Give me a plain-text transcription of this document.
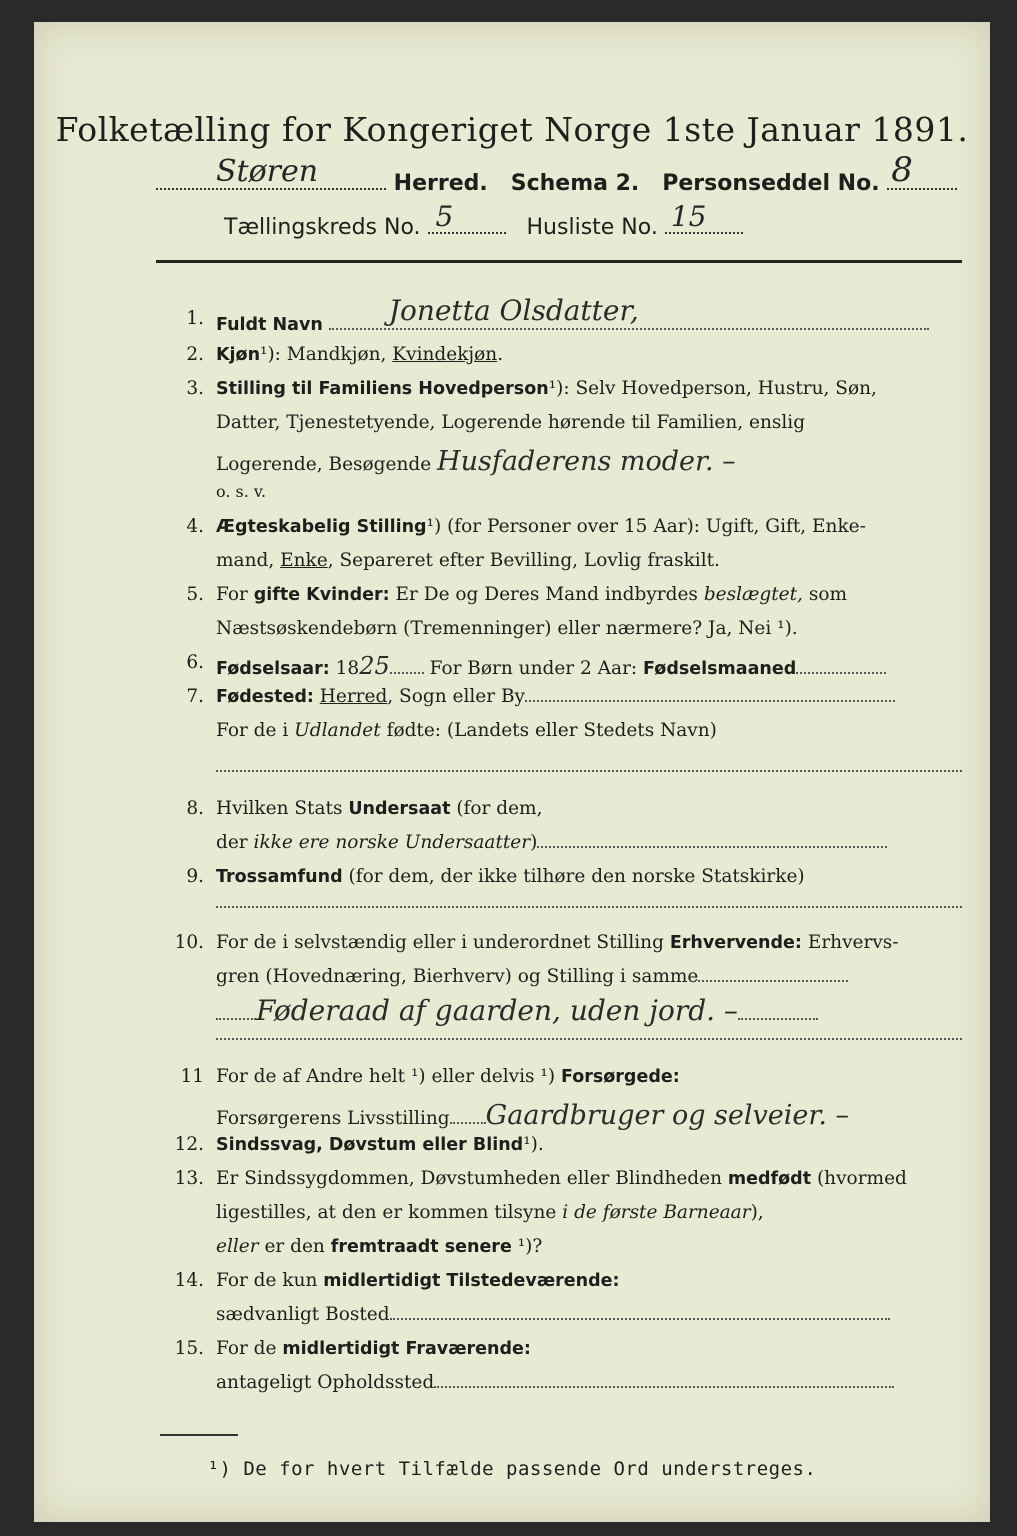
Folketælling for Kongeriget Norge 1ste Januar 1891.
Støren	Herred. Schema 2. Personseddel No. 8
Tællingskreds No. 5	Husliste No. 15
1. Fuldt Navn Jonetta Olsdatter,
2. Kjøn¹): Mandkjøn, Kvindekjøn.
3. Stilling til Familiens Hovedperson¹): Selv Hovedperson, Hustru, Søn,
Datter, Tjenestetyende, Logerende hørende til Familien, enslig
Logerende, Besøgende Husfaderens moder. –
o. s. v.
4. Ægteskabelig Stilling¹) (for Personer over 15 Aar): Ugift, Gift, Enke-
mand, Enke, Separeret efter Bevilling, Lovlig fraskilt.
5. For gifte Kvinder: Er De og Deres Mand indbyrdes beslægtet, som
Næstsøskendebørn (Tremenninger) eller nærmere? Ja, Nei ¹).
6. Fødselsaar: 1825 For Børn under 2 Aar: Fødselsmaaned
7. Fødested: Herred, Sogn eller By
For de i Udlandet fødte: (Landets eller Stedets Navn)
8. Hvilken Stats Undersaat (for dem,
der ikke ere norske Undersaatter)
9. Trossamfund (for dem, der ikke tilhøre den norske Statskirke)
10. For de i selvstændig eller i underordnet Stilling Erhvervende: Erhvervs-
gren (Hovednæring, Bierhverv) og Stilling i samme
Føderaad af gaarden, uden jord. –
11 For de af Andre helt ¹) eller delvis ¹) Forsørgede:
Forsørgerens Livsstilling Gaardbruger og selveier. –
12. Sindssvag, Døvstum eller Blind¹).
13. Er Sindssygdommen, Døvstumheden eller Blindheden medfødt (hvormed
ligestilles, at den er kommen tilsyne i de første Barneaar),
eller er den fremtraadt senere ¹)?
14. For de kun midlertidigt Tilstedeværende:
sædvanligt Bosted
15. For de midlertidigt Fraværende:
antageligt Opholdssted
¹) De for hvert Tilfælde passende Ord understreges.
